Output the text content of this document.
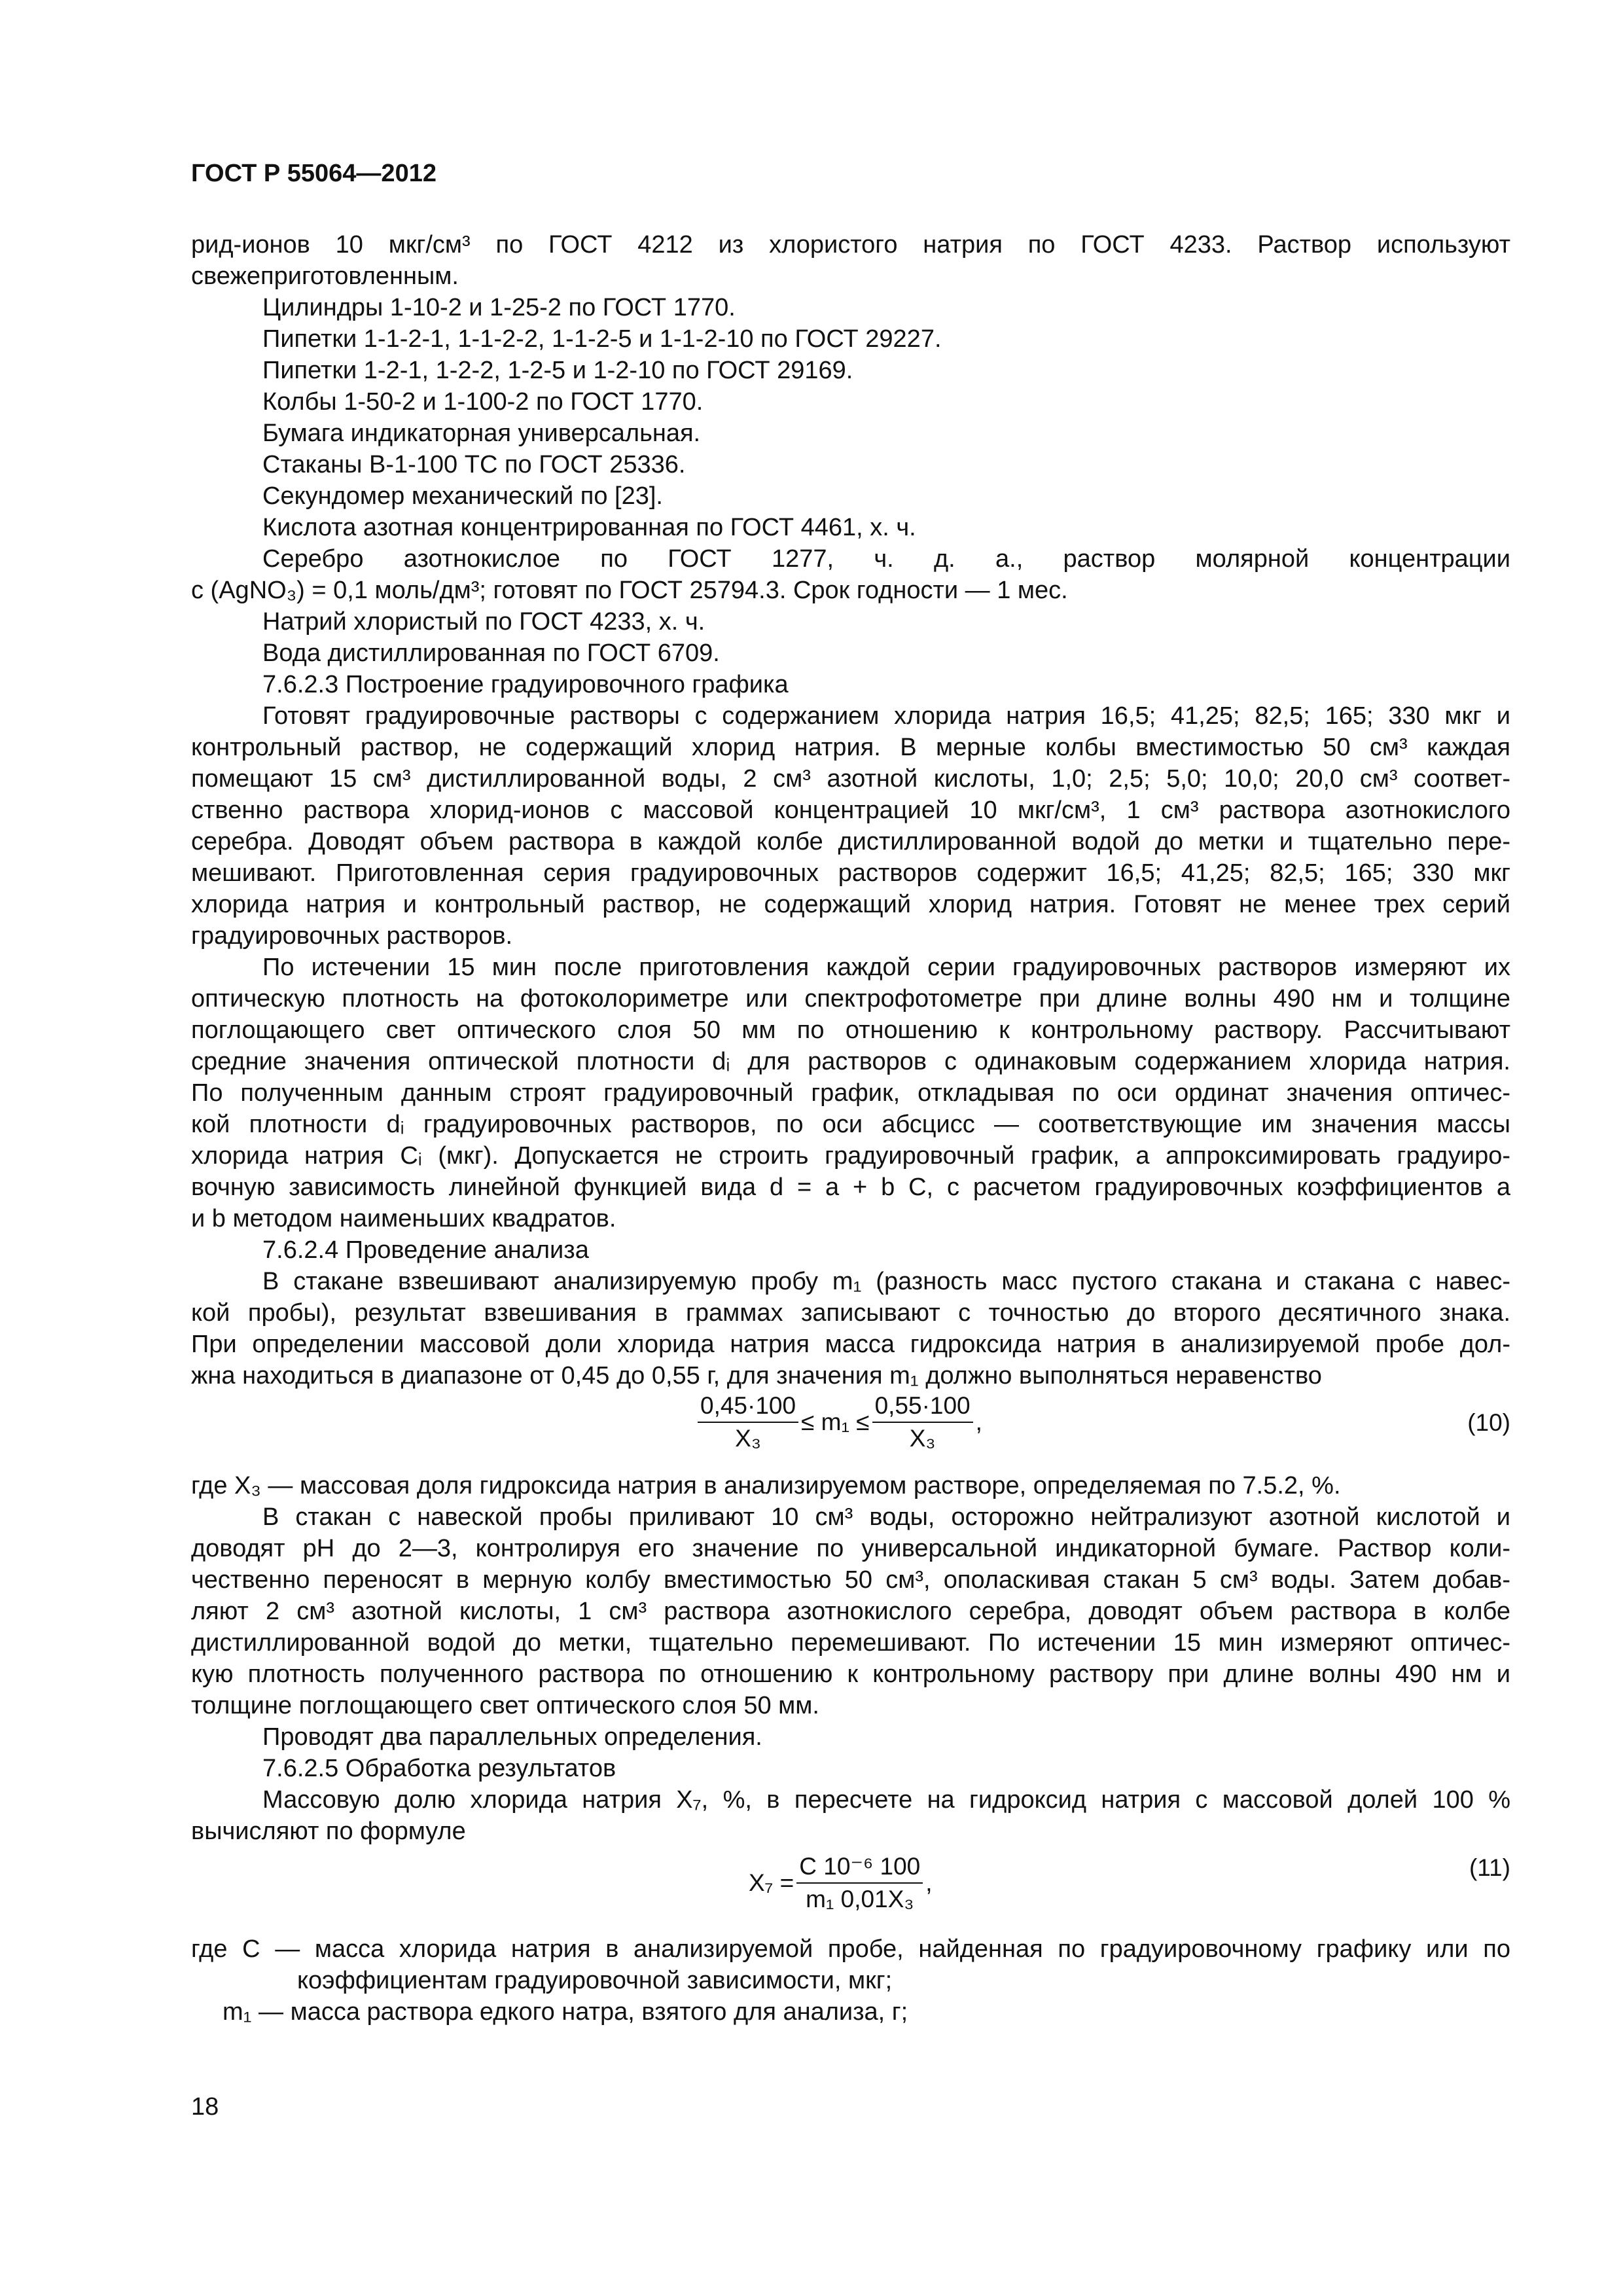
ГОСТ Р 55064—2012
рид-ионов 10 мкг/см³ по ГОСТ 4212 из хлористого натрия по ГОСТ 4233. Раствор используют
свежеприготовленным.
Цилиндры 1-10-2 и 1-25-2 по ГОСТ 1770.
Пипетки 1-1-2-1, 1-1-2-2, 1-1-2-5 и 1-1-2-10 по ГОСТ 29227.
Пипетки 1-2-1, 1-2-2, 1-2-5 и 1-2-10 по ГОСТ 29169.
Колбы 1-50-2 и 1-100-2 по ГОСТ 1770.
Бумага индикаторная универсальная.
Стаканы В-1-100 ТС по ГОСТ 25336.
Секундомер механический по [23].
Кислота азотная концентрированная по ГОСТ 4461, х. ч.
Серебро азотнокислое по ГОСТ 1277, ч. д. а., раствор молярной концентрации
с (AgNO₃) = 0,1 моль/дм³; готовят по ГОСТ 25794.3. Срок годности — 1 мес.
Натрий хлористый по ГОСТ 4233, х. ч.
Вода дистиллированная по ГОСТ 6709.
7.6.2.3 Построение градуировочного графика
Готовят градуировочные растворы с содержанием хлорида натрия 16,5; 41,25; 82,5; 165; 330 мкг и
контрольный раствор, не содержащий хлорид натрия. В мерные колбы вместимостью 50 см³ каждая
помещают 15 см³ дистиллированной воды, 2 см³ азотной кислоты, 1,0; 2,5; 5,0; 10,0; 20,0 см³ соответ-
ственно раствора хлорид-ионов с массовой концентрацией 10 мкг/см³, 1 см³ раствора азотнокислого
серебра. Доводят объем раствора в каждой колбе дистиллированной водой до метки и тщательно пере-
мешивают. Приготовленная серия градуировочных растворов содержит 16,5; 41,25; 82,5; 165; 330 мкг
хлорида натрия и контрольный раствор, не содержащий хлорид натрия. Готовят не менее трех серий
градуировочных растворов.
По истечении 15 мин после приготовления каждой серии градуировочных растворов измеряют их
оптическую плотность на фотоколориметре или спектрофотометре при длине волны 490 нм и толщине
поглощающего свет оптического слоя 50 мм по отношению к контрольному раствору. Рассчитывают
средние значения оптической плотности dᵢ для растворов с одинаковым содержанием хлорида натрия.
По полученным данным строят градуировочный график, откладывая по оси ординат значения оптичес-
кой плотности dᵢ градуировочных растворов, по оси абсцисс — соответствующие им значения массы
хлорида натрия Cᵢ (мкг). Допускается не строить градуировочный график, а аппроксимировать градуиро-
вочную зависимость линейной функцией вида d = a + b C, с расчетом градуировочных коэффициентов a
и b методом наименьших квадратов.
7.6.2.4 Проведение анализа
В стакане взвешивают анализируемую пробу m₁ (разность масс пустого стакана и стакана с навес-
кой пробы), результат взвешивания в граммах записывают с точностью до второго десятичного знака.
При определении массовой доли хлорида натрия масса гидроксида натрия в анализируемой пробе дол-
жна находиться в диапазоне от 0,45 до 0,55 г, для значения m₁ должно выполняться неравенство
$\frac{0,45\cdot 100}{\text{X₃}} \le m_1 \le \frac{0,55\cdot 100}{\text{X₃}}$ ,	(10)
где X₃ — массовая доля гидроксида натрия в анализируемом растворе, определяемая по 7.5.2, %.
В стакан с навеской пробы приливают 10 см³ воды, осторожно нейтрализуют азотной кислотой и
доводят pH до 2—3, контролируя его значение по универсальной индикаторной бумаге. Раствор коли-
чественно переносят в мерную колбу вместимостью 50 см³, ополаскивая стакан 5 см³ воды. Затем добав-
ляют 2 см³ азотной кислоты, 1 см³ раствора азотнокислого серебра, доводят объем раствора в колбе
дистиллированной водой до метки, тщательно перемешивают. По истечении 15 мин измеряют оптичес-
кую плотность полученного раствора по отношению к контрольному раствору при длине волны 490 нм и
толщине поглощающего свет оптического слоя 50 мм.
Проводят два параллельных определения.
7.6.2.5 Обработка результатов
Массовую долю хлорида натрия X₇, %, в пересчете на гидроксид натрия с массовой долей 100 %
вычисляют по формуле
$X_7 = \frac{\text{C 10⁻⁶ 100}}{\text{m₁ 0,01X₃}}$ ,
(11)
где C — масса хлорида натрия в анализируемой пробе, найденная по градуировочному графику или по
коэффициентам градуировочной зависимости, мкг;
m₁ — масса раствора едкого натра, взятого для анализа, г;
18
